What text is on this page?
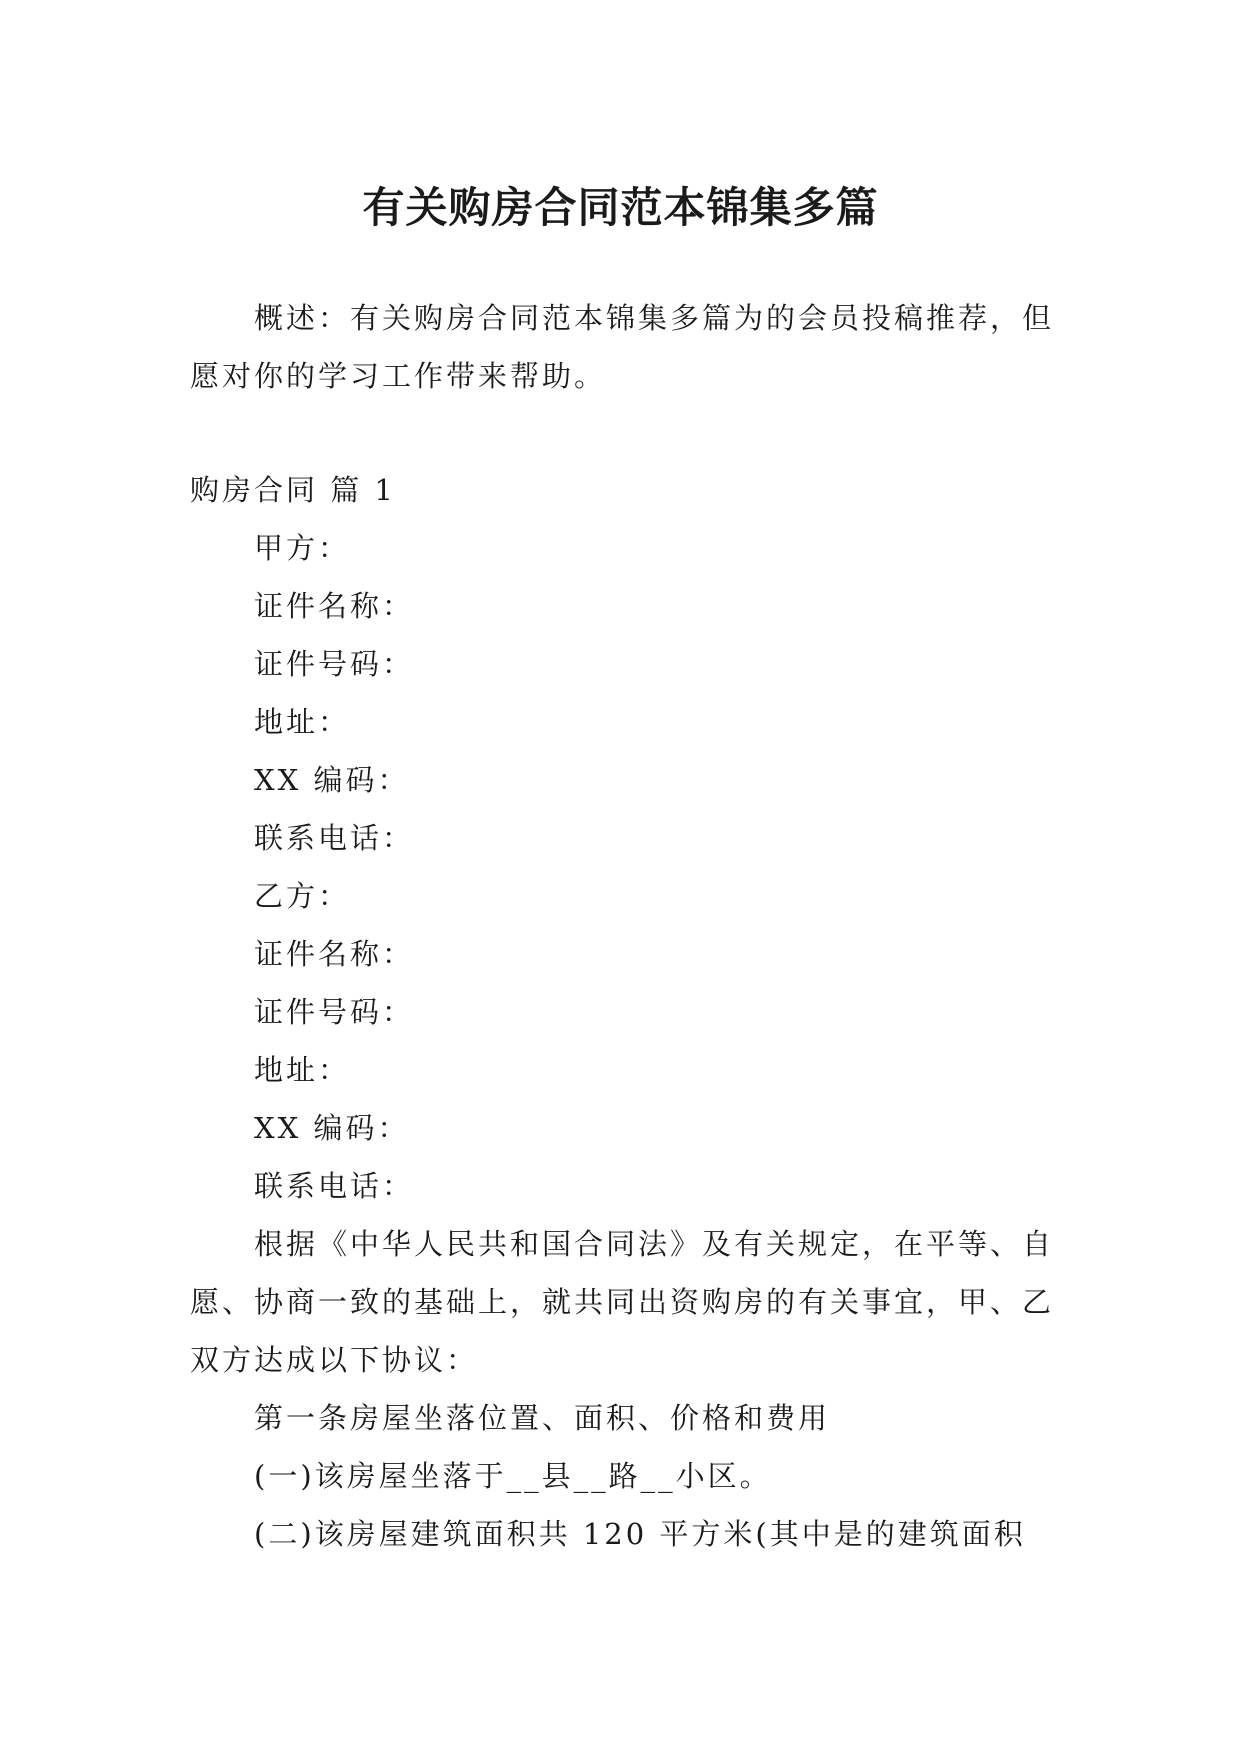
有关购房合同范本锦集多篇

概述：有关购房合同范本锦集多篇为的会员投稿推荐，但愿对你的学习工作带来帮助。

购房合同 篇 1

甲方：

证件名称：

证件号码：

地址：

XX 编码：

联系电话：

乙方：

证件名称：

证件号码：

地址：

XX 编码：

联系电话：

根据《中华人民共和国合同法》及有关规定，在平等、自愿、协商一致的基础上，就共同出资购房的有关事宜，甲、乙双方达成以下协议：

第一条房屋坐落位置、面积、价格和费用

(一)该房屋坐落于__县__路__小区。

(二)该房屋建筑面积共 120 平方米(其中是的建筑面积
